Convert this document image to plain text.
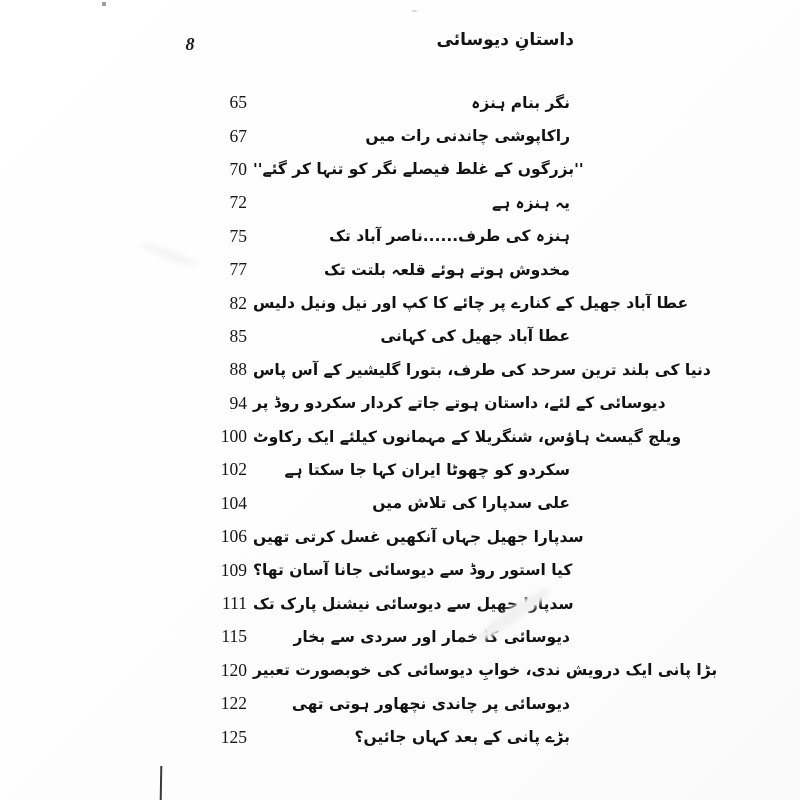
8	داستانِ دیوسائی
65	نگر بنام ہنزہ
67	راکاپوشی چاندنی رات میں
70 ''بزرگوں کے غلط فیصلے نگر کو تنہا کر گئے''
72	یہ ہنزہ ہے
75	ہنزہ کی طرف......ناصر آباد تک
77	مخدوش ہوتے ہوئے قلعہ بلتت تک
82 عطا آباد جھیل کے کنارے پر چائے کا کپ اور نیل ونیل دلیس
85	عطا آباد جھیل کی کہانی
88 دنیا کی بلند ترین سرحد کی طرف، بتورا گلیشیر کے آس پاس
94 دیوسائی کے لئے، داستان ہوتے جاتے کردار سکردو روڈ پر
100 ویلج گیسٹ ہاؤس، شنگریلا کے مہمانوں کیلئے ایک رکاوٹ
102	سکردو کو چھوٹا ایران کہا جا سکتا ہے
104	علی سدپارا کی تلاش میں
106 سدپارا جھیل جہاں آنکھیں غسل کرتی تھیں
109 کیا استور روڈ سے دیوسائی جانا آسان تھا؟
111 سدپارا جھیل سے دیوسائی نیشنل پارک تک
115	دیوسائی کا خمار اور سردی سے بخار
120 بڑا پانی ایک درویش ندی، خوابِ دیوسائی کی خوبصورت تعبیر
122	دیوسائی پر چاندی نچھاور ہوتی تھی
125	بڑے پانی کے بعد کہاں جائیں؟
